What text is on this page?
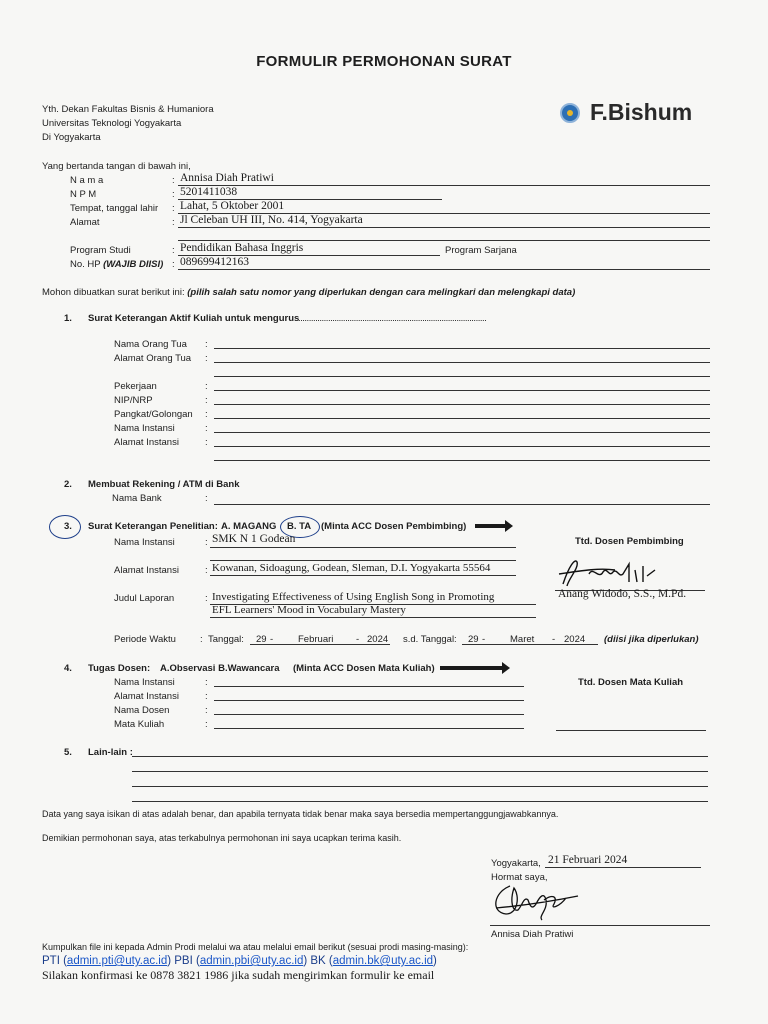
FORMULIR PERMOHONAN SURAT
Yth. Dekan Fakultas Bisnis & Humaniora
Universitas Teknologi Yogyakarta
Di Yogyakarta
F.Bishum
Yang bertanda tangan di bawah ini,
N a m a	: Annisa Diah Pratiwi
N P M	: 5201411038
Tempat, tanggal lahir : Lahat, 5 Oktober 2001
Alamat	: Jl Celeban UH III, No. 414, Yogyakarta
Program Studi	: Pendidikan Bahasa Inggris	Program Sarjana
No. HP (WAJIB DIISI) : 089699412163
Mohon dibuatkan surat berikut ini: (pilih salah satu nomor yang diperlukan dengan cara melingkari dan melengkapi data)
1. Surat Keterangan Aktif Kuliah untuk mengurus
........................................................................................
Nama Orang Tua :
Alamat Orang Tua :
Pekerjaan	:
NIP/NRP	:
Pangkat/Golongan :
Nama Instansi	:
Alamat Instansi	:
2. Membuat Rekening / ATM di Bank
Nama Bank	:
3. Surat Keterangan Penelitian: A. MAGANG B. TA (Minta ACC Dosen Pembimbing)
Nama Instansi	: SMK N 1 Godean	Ttd. Dosen Pembimbing
Alamat Instansi	: Kowanan, Sidoagung, Godean, Sleman, D.I. Yogyakarta 55564
Anang Widodo, S.S., M.Pd.
Judul Laporan	: Investigating Effectiveness of Using English Song in Promoting
EFL Learners' Mood in Vocabulary Mastery
Periode Waktu	: Tanggal: 29 -	Februari - 2024 s.d. Tanggal: 29 -	Maret - 2024 (diisi jika diperlukan)
4. Tugas Dosen: A.Observasi B.Wawancara (Minta ACC Dosen Mata Kuliah)
Nama Instansi	:
Alamat Instansi	:
Nama Dosen	:
Mata Kuliah	:
Ttd. Dosen Mata Kuliah
5. Lain-lain :
Data yang saya isikan di atas adalah benar, dan apabila ternyata tidak benar maka saya bersedia mempertanggungjawabkannya.
Demikian permohonan saya, atas terkabulnya permohonan ini saya ucapkan terima kasih.
Yogyakarta, 21 Februari 2024
Hormat saya,
Annisa Diah Pratiwi
Kumpulkan file ini kepada Admin Prodi melalui wa atau melalui email berikut (sesuai prodi masing-masing):
PTI (admin.pti@uty.ac.id) PBI (admin.pbi@uty.ac.id) BK (admin.bk@uty.ac.id)
Silakan konfirmasi ke 0878 3821 1986 jika sudah mengirimkan formulir ke email
